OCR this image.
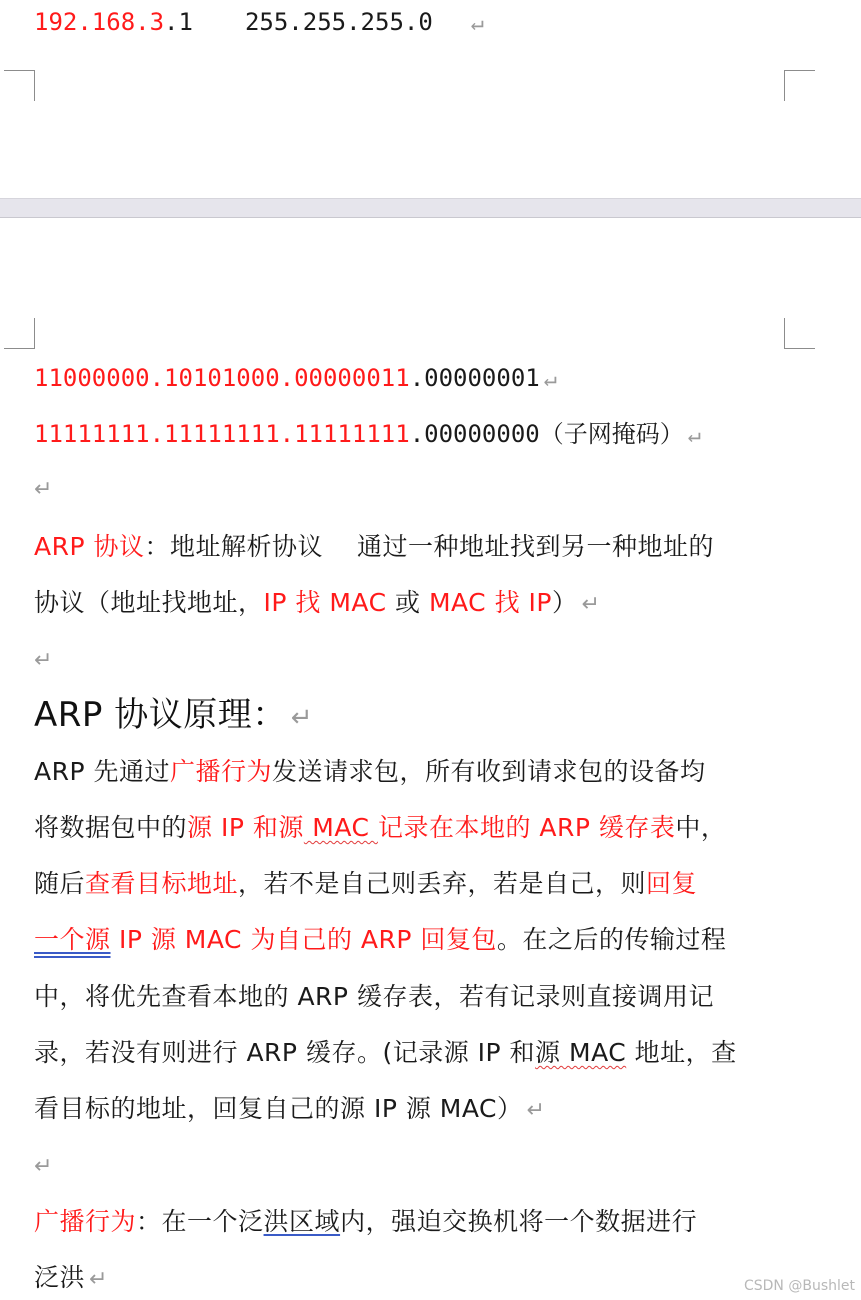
192.168.3.1 255.255.255.0 ↵
11000000.10101000.00000011.00000001 ↵
11111111.11111111.11111111.00000000（子网掩码） ↵
↵
ARP 协议：地址解析协议 通过一种地址找到另一种地址的
协议（地址找地址，IP 找 MAC 或 MAC 找 IP） ↵
↵
ARP 协议原理： ↵
ARP 先通过广播行为发送请求包，所有收到请求包的设备均
将数据包中的源 IP 和源 MAC 记录在本地的 ARP 缓存表中，
随后查看目标地址，若不是自己则丢弃，若是自己，则回复
一个源 IP 源 MAC 为自己的 ARP 回复包。在之后的传输过程
中，将优先查看本地的 ARP 缓存表，若有记录则直接调用记
录，若没有则进行 ARP 缓存。(记录源 IP 和源 MAC 地址，查
看目标的地址，回复自己的源 IP 源 MAC） ↵
↵
广播行为：在一个泛洪区域内，强迫交换机将一个数据进行
泛洪 ↵	CSDN @Bushlet
